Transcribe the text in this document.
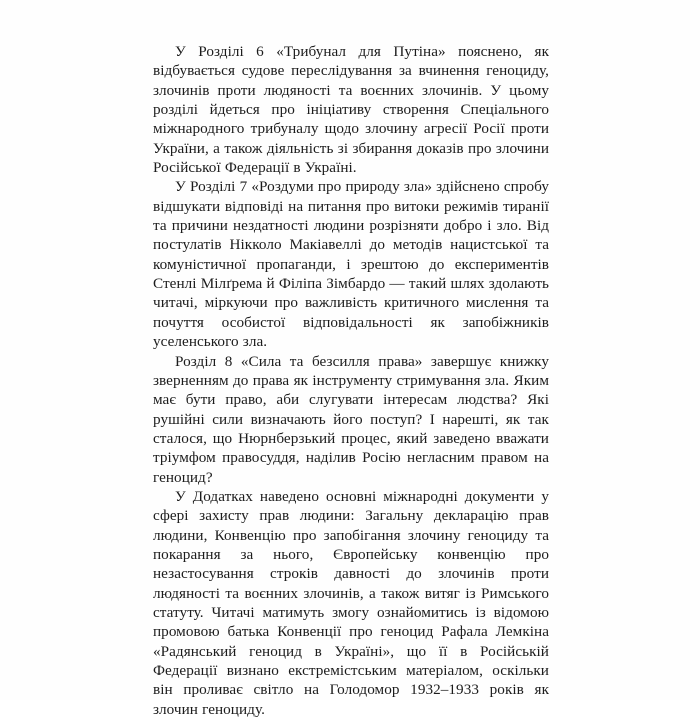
У Розділі 6 «Трибунал для Путіна» пояснено, як відбувається судове переслідування за вчинення геноциду, злочинів проти людяності та воєнних злочинів. У цьому розділі йдеться про ініціативу створення Спеціального міжнародного трибуналу щодо злочину агресії Росії проти України, а також діяльність зі збирання доказів про злочини Російської Федерації в Україні.

У Розділі 7 «Роздуми про природу зла» здійснено спробу відшукати відповіді на питання про витоки режимів тиранії та причини нездатності людини розрізняти добро і зло. Від постулатів Нікколо Макіавеллі до методів нацистської та комуністичної пропаганди, і зрештою до експериментів Стенлі Мілґрема й Філіпа Зімбардо — такий шлях здолають читачі, міркуючи про важливість критичного мислення та почуття особистої відповідальності як запобіжників уселенського зла.

Розділ 8 «Сила та безсилля права» завершує книжку зверненням до права як інструменту стримування зла. Яким має бути право, аби слугувати інтересам людства? Які рушійні сили визначають його поступ? І нарешті, як так сталося, що Нюрнберзький процес, який заведено вважати тріумфом правосуддя, наділив Росію негласним правом на геноцид?

У Додатках наведено основні міжнародні документи у сфері захисту прав людини: Загальну декларацію прав людини, Конвенцію про запобігання злочину геноциду та покарання за нього, Європейську конвенцію про незастосування строків давності до злочинів проти людяності та воєнних злочинів, а також витяг із Римського статуту. Читачі матимуть змогу ознайомитись із відомою промовою батька Конвенції про геноцид Рафала Лемкіна «Радянський геноцид в Україні», що її в Російській Федерації визнано екстремістським матеріалом, оскільки він проливає світло на Голодомор 1932–1933 років як злочин геноциду.
